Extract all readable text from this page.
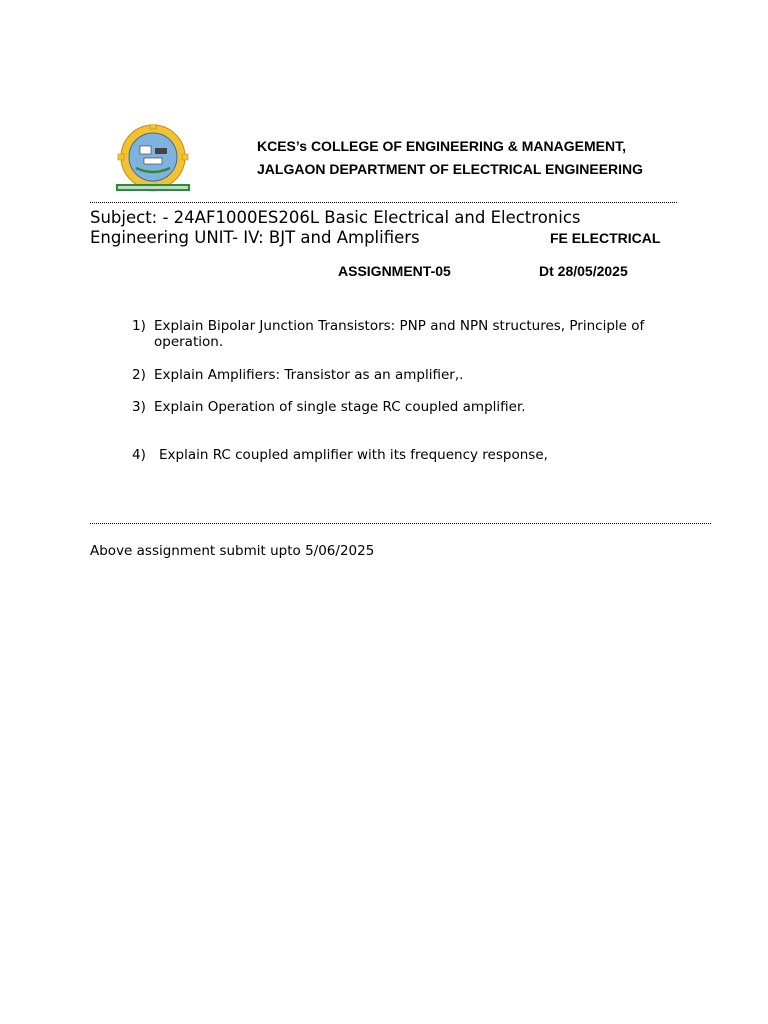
KCES’s COLLEGE OF ENGINEERING & MANAGEMENT,
JALGAON DEPARTMENT OF ELECTRICAL ENGINEERING
Subject: - 24AF1000ES206L Basic Electrical and Electronics Engineering UNIT- IV: BJT and Amplifiers	FE ELECTRICAL
ASSIGNMENT-05	Dt 28/05/2025
1) Explain Bipolar Junction Transistors: PNP and NPN structures, Principle of operation.
2) Explain Amplifiers: Transistor as an amplifier,.
3) Explain Operation of single stage RC coupled amplifier.
4) Explain RC coupled amplifier with its frequency response,
Above assignment submit upto 5/06/2025
